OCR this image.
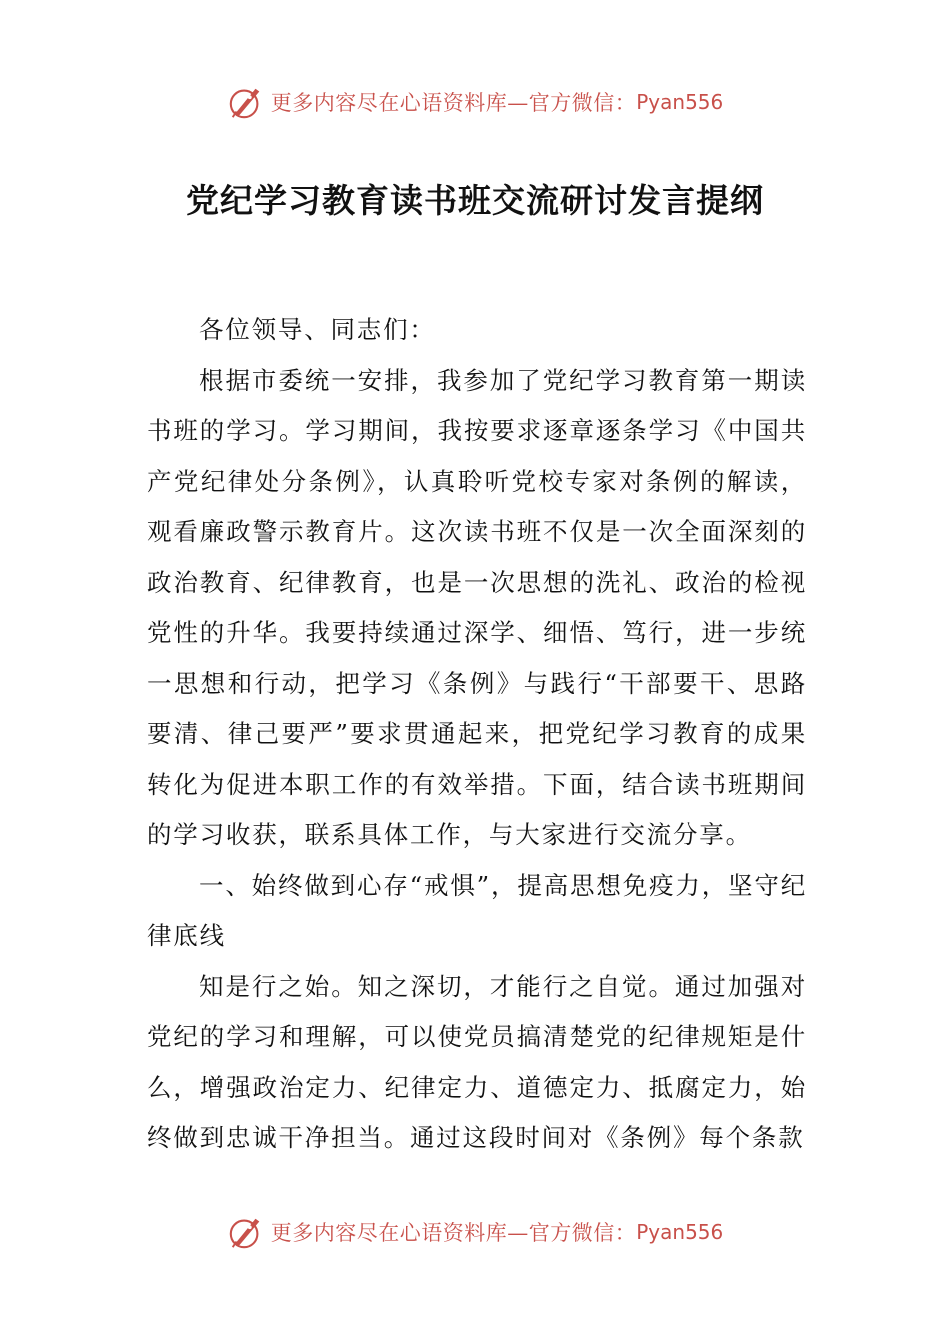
更多内容尽在心语资料库—官方微信： Pyan556
党纪学习教育读书班交流研讨发言提纲

各位领导、同志们：

根据市委统一安排，我参加了党纪学习教育第一期读书班的学习。学习期间，我按要求逐章逐条学习《中国共产党纪律处分条例》，认真聆听党校专家对条例的解读，观看廉政警示教育片。这次读书班不仅是一次全面深刻的政治教育、纪律教育，也是一次思想的洗礼、政治的检视党性的升华。我要持续通过深学、细悟、笃行，进一步统一思想和行动，把学习《条例》与践行“干部要干、思路要清、律己要严”要求贯通起来，把党纪学习教育的成果转化为促进本职工作的有效举措。下面，结合读书班期间的学习收获，联系具体工作，与大家进行交流分享。

一、始终做到心存“戒惧”，提高思想免疫力，坚守纪律底线

知是行之始。知之深切，才能行之自觉。通过加强对党纪的学习和理解，可以使党员搞清楚党的纪律规矩是什么，增强政治定力、纪律定力、道德定力、抵腐定力，始终做到忠诚干净担当。通过这段时间对《条例》每个条款

更多内容尽在心语资料库—官方微信： Pyan556
